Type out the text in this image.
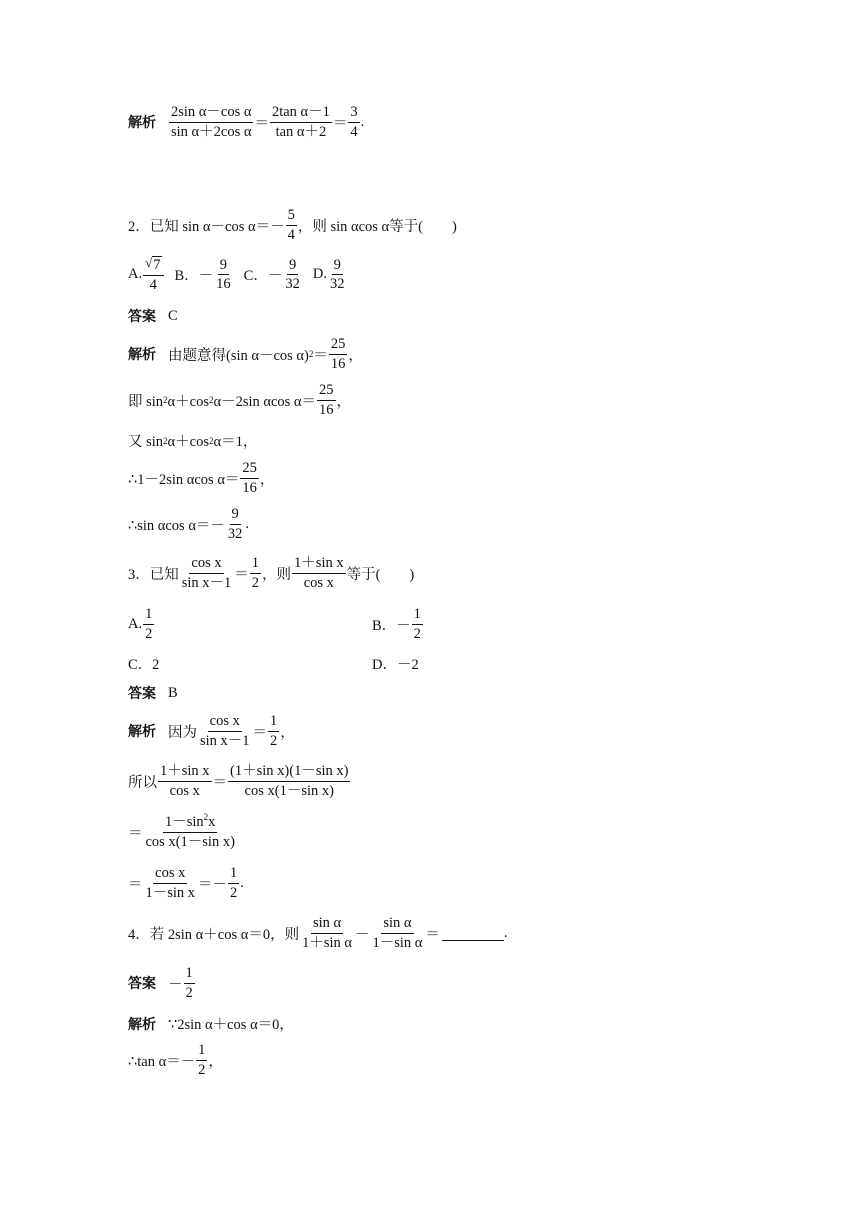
解析 $\frac{\text{2sin α－cos α}}{\text{sin α＋2cos α}} = \frac{\text{2tan α－1}}{\text{tan α＋2}} = \frac{3}{4}$ .
2．已知 sin α－cos $\alpha=- \frac{5}{4}$ ，则 sin αcos α等于(　　)
A. $\frac{√ 7}{4}$ B．－ $\frac{9}{16}$ C．－ $\frac{9}{32} D$. $\frac{9}{32}$
答案 C
解析 由题意得(sin α－cos α) $2 = \frac{25}{16}$ ，
即 sin 2 α＋cos 2 α－2sin αcos $\alpha= \frac{25}{16}$ ，
又 sin 2 α＋cos 2 α＝1，
∴1－2sin αcos $\alpha= \frac{25}{16}$ ，
∴sin αcos $\alpha=- \frac{9}{32}$ .
3．已知 $\frac{\text{cos x}}{\text{sin x－1}} = \frac{1}{2}$ ，则 $\frac{\text{1＋sin x}}{\text{cos x}}$ 等于(　　)
A. $\frac{1}{2}$	B．－ $\frac{1}{2}$
C．2	D．－2
答案 B
解析 因为 $\frac{\text{cos x}}{\text{sin x－1}} = \frac{1}{2}$ ，
所以 $\frac{\text{1＋sin x}}{\text{cos x}} = \frac{\text{(1＋sin x)(1－sin x)}}{\text{cos x(1－sin x)}}$
＝ $\frac{1-\sin^2x}{\text{cos x(1－sin x)}}$
＝ $\frac{\text{cos x}}{\text{1－sin x}} =- \frac{1}{2}$ .
4．若 2sin α＋cos α＝0，则 $\frac{\text{sin α}}{\text{1＋sin α}} - \frac{\text{sin α}}{\text{1－sin α}}$ ＝	.
答案 － $\frac{1}{2}$
解析 ∵2sin α＋cos α＝0，
∴tan $\alpha=- \frac{1}{2}$ ，
